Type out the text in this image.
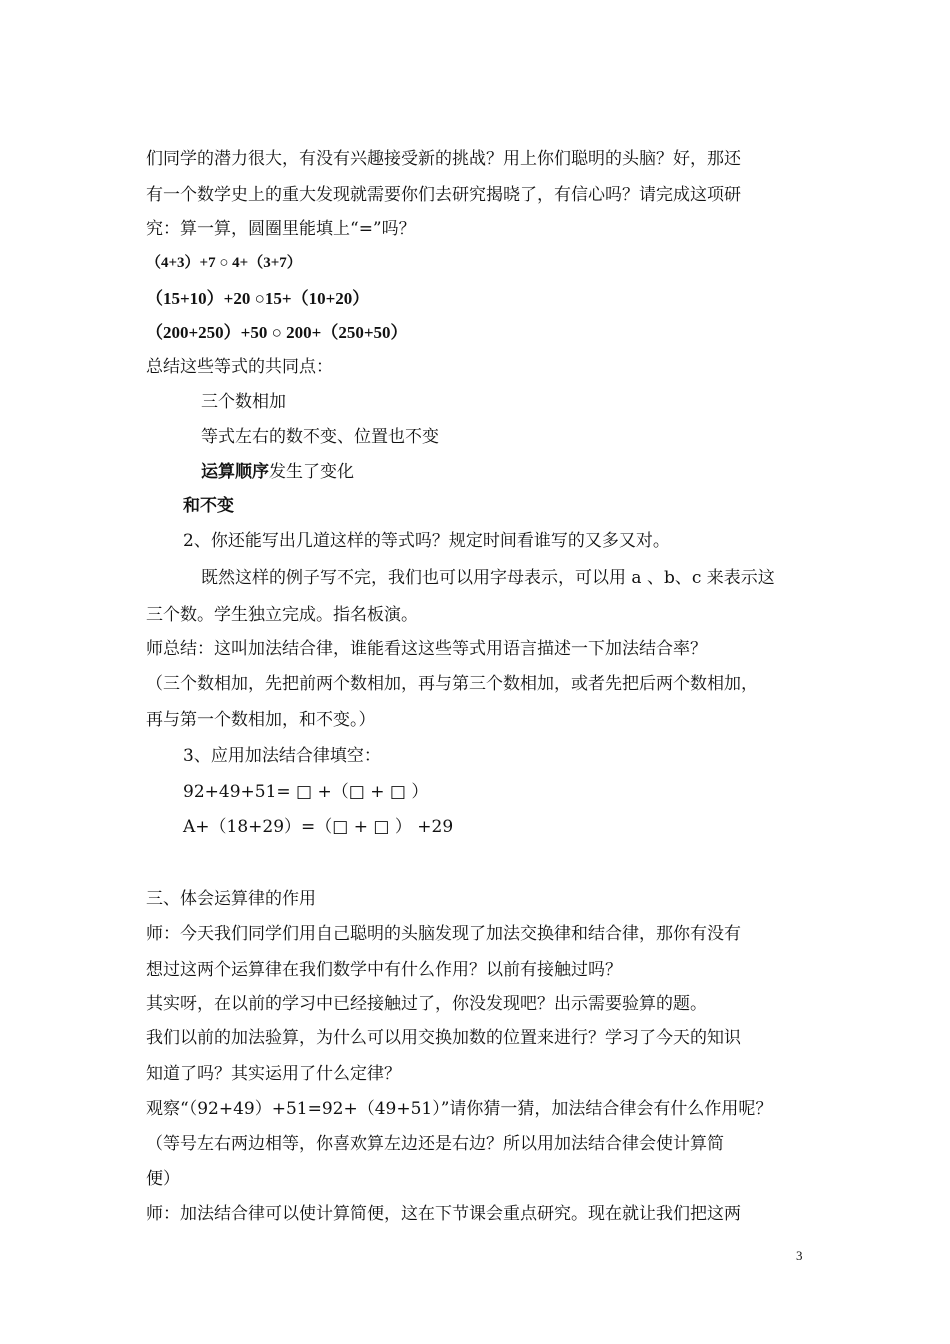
们同学的潜力很大，有没有兴趣接受新的挑战？用上你们聪明的头脑？好，那还
有一个数学史上的重大发现就需要你们去研究揭晓了，有信心吗？请完成这项研
究：算一算，圆圈里能填上“=”吗？
（4+3）+7 ○ 4+（3+7）
（15+10）+20 ○15+（10+20）
（200+250）+50 ○ 200+（250+50）
总结这些等式的共同点：
三个数相加
等式左右的数不变、位置也不变
运算顺序发生了变化
和不变
2、你还能写出几道这样的等式吗？规定时间看谁写的又多又对。
既然这样的例子写不完，我们也可以用字母表示，可以用 a 、b、c 来表示这
三个数。学生独立完成。指名板演。
师总结：这叫加法结合律，谁能看这这些等式用语言描述一下加法结合率？
（三个数相加，先把前两个数相加，再与第三个数相加，或者先把后两个数相加，
再与第一个数相加，和不变。）
3、应用加法结合律填空：
92+49+51= □ +（□ + □ ）
A+（18+29）=（□ + □ ） +29
三、体会运算律的作用
师：今天我们同学们用自己聪明的头脑发现了加法交换律和结合律，那你有没有
想过这两个运算律在我们数学中有什么作用？以前有接触过吗？
其实呀，在以前的学习中已经接触过了，你没发现吧？出示需要验算的题。
我们以前的加法验算，为什么可以用交换加数的位置来进行？学习了今天的知识
知道了吗？其实运用了什么定律？
观察“（92+49）+51=92+（49+51）”请你猜一猜，加法结合律会有什么作用呢？
（等号左右两边相等，你喜欢算左边还是右边？所以用加法结合律会使计算简
便）
师：加法结合律可以使计算简便，这在下节课会重点研究。现在就让我们把这两
3
